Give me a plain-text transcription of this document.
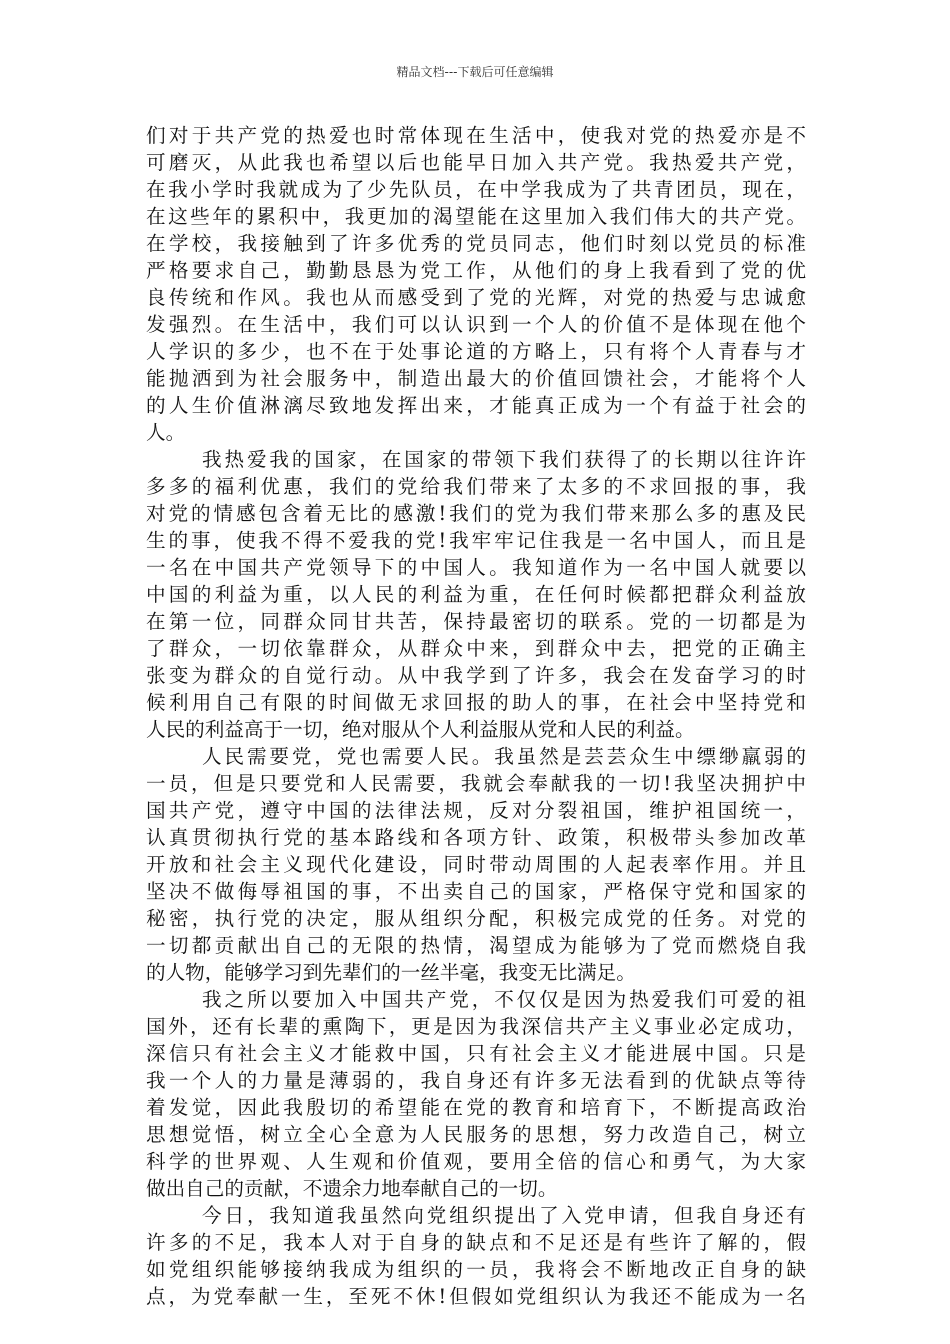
精品文档---下载后可任意编辑
们对于共产党的热爱也时常体现在生活中，使我对党的热爱亦是不
可磨灭，从此我也希望以后也能早日加入共产党。我热爱共产党，
在我小学时我就成为了少先队员，在中学我成为了共青团员，现在，
在这些年的累积中，我更加的渴望能在这里加入我们伟大的共产党。
在学校，我接触到了许多优秀的党员同志，他们时刻以党员的标准
严格要求自己，勤勤恳恳为党工作，从他们的身上我看到了党的优
良传统和作风。我也从而感受到了党的光辉，对党的热爱与忠诚愈
发强烈。在生活中，我们可以认识到一个人的价值不是体现在他个
人学识的多少，也不在于处事论道的方略上，只有将个人青春与才
能抛洒到为社会服务中，制造出最大的价值回馈社会，才能将个人
的人生价值淋漓尽致地发挥出来，才能真正成为一个有益于社会的
人。
我热爱我的国家，在国家的带领下我们获得了的长期以往许许
多多的福利优惠，我们的党给我们带来了太多的不求回报的事，我
对党的情感包含着无比的感激!我们的党为我们带来那么多的惠及民
生的事，使我不得不爱我的党!我牢牢记住我是一名中国人，而且是
一名在中国共产党领导下的中国人。我知道作为一名中国人就要以
中国的利益为重，以人民的利益为重，在任何时候都把群众利益放
在第一位，同群众同甘共苦，保持最密切的联系。党的一切都是为
了群众，一切依靠群众，从群众中来，到群众中去，把党的正确主
张变为群众的自觉行动。从中我学到了许多，我会在发奋学习的时
候利用自己有限的时间做无求回报的助人的事，在社会中坚持党和
人民的利益高于一切，绝对服从个人利益服从党和人民的利益。
人民需要党，党也需要人民。我虽然是芸芸众生中缥缈羸弱的
一员，但是只要党和人民需要，我就会奉献我的一切!我坚决拥护中
国共产党，遵守中国的法律法规，反对分裂祖国，维护祖国统一，
认真贯彻执行党的基本路线和各项方针、政策，积极带头参加改革
开放和社会主义现代化建设，同时带动周围的人起表率作用。并且
坚决不做侮辱祖国的事，不出卖自己的国家，严格保守党和国家的
秘密，执行党的决定，服从组织分配，积极完成党的任务。对党的
一切都贡献出自己的无限的热情，渴望成为能够为了党而燃烧自我
的人物，能够学习到先辈们的一丝半毫，我变无比满足。
我之所以要加入中国共产党，不仅仅是因为热爱我们可爱的祖
国外，还有长辈的熏陶下，更是因为我深信共产主义事业必定成功，
深信只有社会主义才能救中国，只有社会主义才能进展中国。只是
我一个人的力量是薄弱的，我自身还有许多无法看到的优缺点等待
着发觉，因此我殷切的希望能在党的教育和培育下，不断提高政治
思想觉悟，树立全心全意为人民服务的思想，努力改造自己，树立
科学的世界观、人生观和价值观，要用全倍的信心和勇气，为大家
做出自己的贡献，不遗余力地奉献自己的一切。
今日，我知道我虽然向党组织提出了入党申请，但我自身还有
许多的不足，我本人对于自身的缺点和不足还是有些许了解的，假
如党组织能够接纳我成为组织的一员，我将会不断地改正自身的缺
点，为党奉献一生，至死不休!但假如党组织认为我还不能成为一名
